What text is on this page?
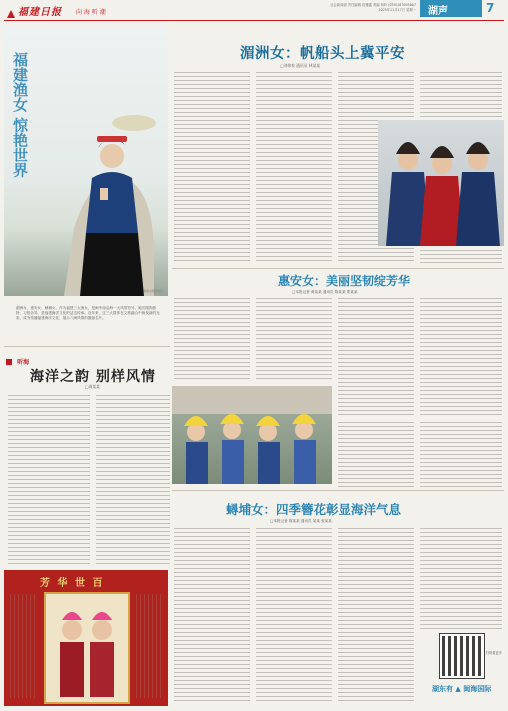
福建日报 向 海 听 潮
社会新闻部 责任编辑 范雅鑫 美编 杨叶 (0591)87095807
2025年11月17日 星期一 湖声	7
福建渔女 惊艳世界
湄洲女服饰展示
湄洲女、惠安女、蟳埔女，作为福建三大渔女，是闽中南沿海一大风景符号。她们服饰独特，习俗各异，是福建海洋文化的活态传承。近年来，这三大群体在文旅融合中焕发新的光彩，成为传播福建海洋文化、展示八闽风情的靓丽名片。
听海
海洋之韵 别样风情
□周某某
芳 华 世 百
湄洲女：帆船头上冀平安
□刘伟家 通讯员 林某某
惠安女：美丽坚韧绽芳华
□本报记者 黄某某 通讯员 陈某某 郑某某
蟳埔女：四季簪花彰显海洋气息
□本报记者 陈某某 通讯员 某某 张某某
扫码看更多
湖东有 ▲ 闽海国际
